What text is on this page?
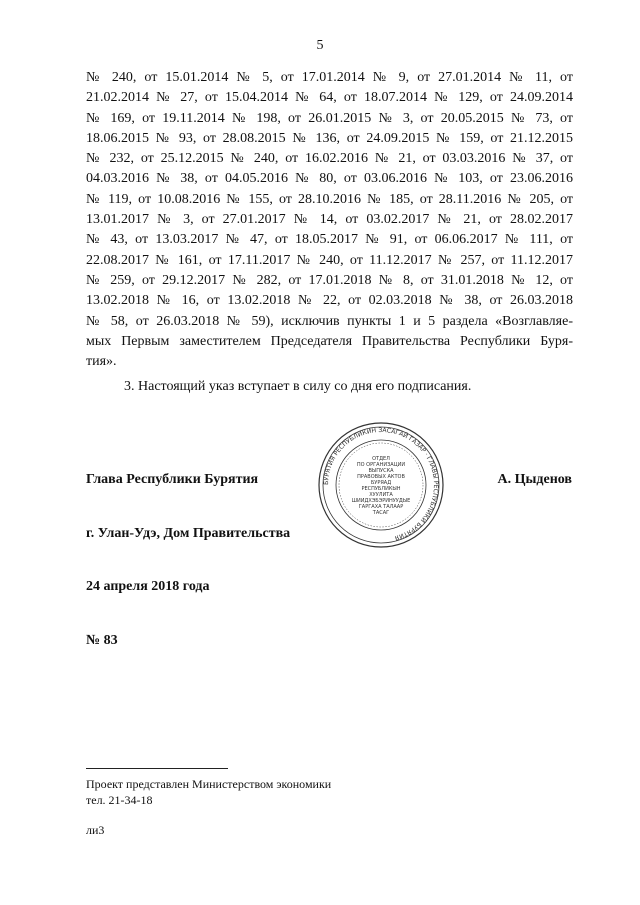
5
№ 240, от 15.01.2014 № 5, от 17.01.2014 № 9, от 27.01.2014 № 11, от
21.02.2014 № 27, от 15.04.2014 № 64, от 18.07.2014 № 129, от 24.09.2014
№ 169, от 19.11.2014 № 198, от 26.01.2015 № 3, от 20.05.2015 № 73, от
18.06.2015 № 93, от 28.08.2015 № 136, от 24.09.2015 № 159, от 21.12.2015
№ 232, от 25.12.2015 № 240, от 16.02.2016 № 21, от 03.03.2016 № 37, от
04.03.2016 № 38, от 04.05.2016 № 80, от 03.06.2016 № 103, от 23.06.2016
№ 119, от 10.08.2016 № 155, от 28.10.2016 № 185, от 28.11.2016 № 205, от
13.01.2017 № 3, от 27.01.2017 № 14, от 03.02.2017 № 21, от 28.02.2017
№ 43, от 13.03.2017 № 47, от 18.05.2017 № 91, от 06.06.2017 № 111, от
22.08.2017 № 161, от 17.11.2017 № 240, от 11.12.2017 № 257, от 11.12.2017
№ 259, от 29.12.2017 № 282, от 17.01.2018 № 8, от 31.01.2018 № 12, от
13.02.2018 № 16, от 13.02.2018 № 22, от 02.03.2018 № 38, от 26.03.2018
№ 58, от 26.03.2018 № 59), исключив пункты 1 и 5 раздела «Возглавляе-
мых Первым заместителем Председателя Правительства Республики Буря-
тия».

3. Настоящий указ вступает в силу со дня его подписания.

Глава Республики Бурятия	А. Цыденов
БУРЯТИЯ РЕСПУБЛИКИН ЗАСАГАЙ ГАЗАР · ГЛАВЫ РЕСПУБЛИКИ БУРЯТИЯ
ОТДЕЛ
ПО ОРГАНИЗАЦИИ
ВЫПУСКА
ПРАВОВЫХ АКТОВ
БУРЯАД
РЕСПУБЛИКЫН
ХУУЛИТА
ШИИДХЭБЭРИНУУДЫЕ
ГАРГАХА ТАЛААР
ТАСАГ
г. Улан-Удэ, Дом Правительства
24 апреля 2018 года
№ 83
Проект представлен Министерством экономики
тел. 21-34-18
ли3
